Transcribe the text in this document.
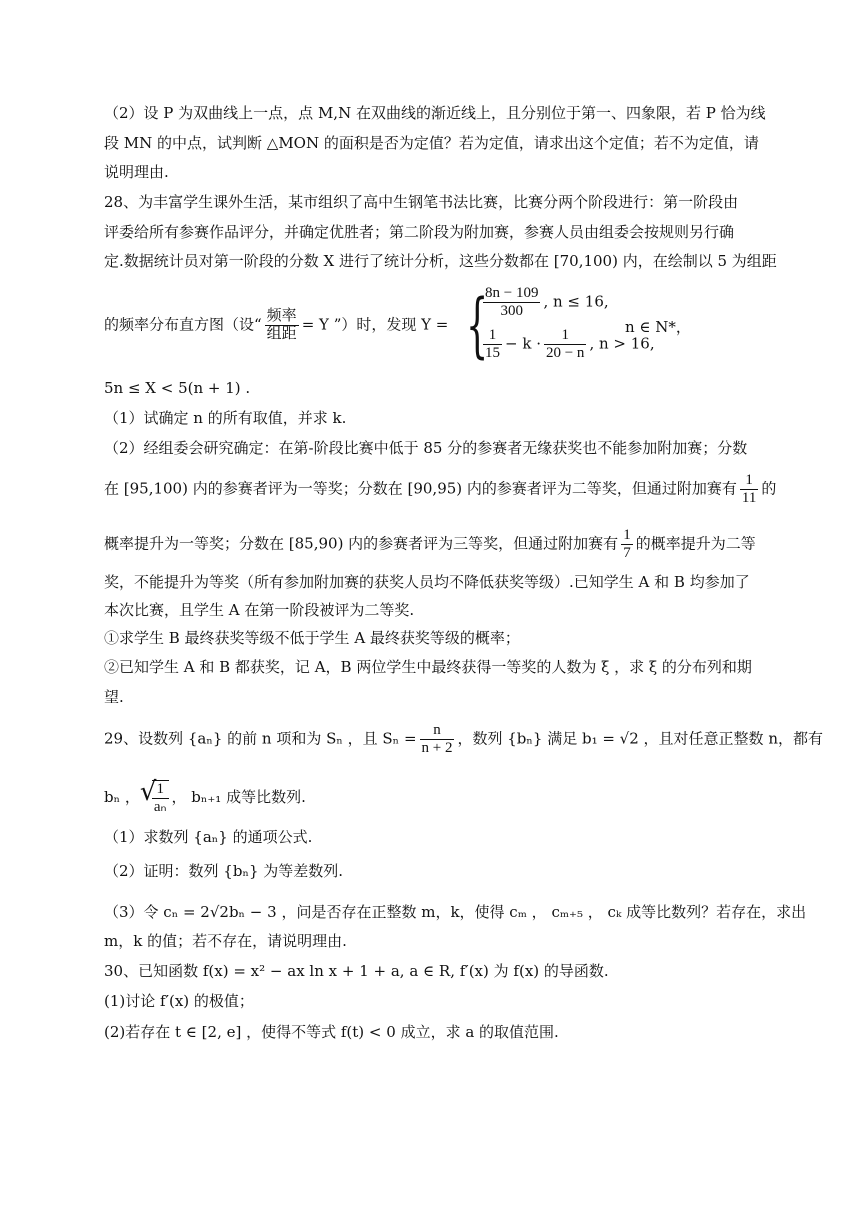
（2）设 P 为双曲线上一点，点 M,N 在双曲线的渐近线上，且分别位于第一、四象限，若 P 恰为线
段 MN 的中点，试判断 △MON 的面积是否为定值？若为定值，请求出这个定值；若不为定值，请
说明理由.
28、为丰富学生课外生活，某市组织了高中生钢笔书法比赛，比赛分两个阶段进行：第一阶段由
评委给所有参赛作品评分，并确定优胜者；第二阶段为附加赛，参赛人员由组委会按规则另行确
定.数据统计员对第一阶段的分数 X 进行了统计分析，这些分数都在 [70,100) 内，在绘制以 5 为组距
的频率分布直方图（设“ $\frac{\text{频率}}{\text{组距}} = Y$ ”）时，发现 Y = {
$\frac{8n - 109}{300}$ , n ≤ 16,
$\frac{1}{15} - k \cdot \frac{1}{20 - n}$ , n > 16,
n ∈ N*，
5n ≤ X < 5(n + 1) .
（1）试确定 n 的所有取值，并求 k.
（2）经组委会研究确定：在第-阶段比赛中低于 85 分的参赛者无缘获奖也不能参加附加赛；分数
在 [95,100) 内的参赛者评为一等奖；分数在 [90,95) 内的参赛者评为二等奖，但通过附加赛有 $\frac{1}{11}$ 的
概率提升为一等奖；分数在 [85,90) 内的参赛者评为三等奖，但通过附加赛有 $\frac{1}{7}$ 的概率提升为二等
奖，不能提升为等奖（所有参加附加赛的获奖人员均不降低获奖等级）.已知学生 A 和 B 均参加了
本次比赛，且学生 A 在第一阶段被评为二等奖.
①求学生 B 最终获奖等级不低于学生 A 最终获奖等级的概率；
②已知学生 A 和 B 都获奖，记 A，B 两位学生中最终获得一等奖的人数为 ξ ，求 ξ 的分布列和期
望.
29、设数列 {aₙ} 的前 n 项和为 Sₙ ，且 $S_n = \frac{n}{n + 2}$ ，数列 {bₙ} 满足 b₁ = √2 ，且对任意正整数 n，都有
bₙ ，
√ $\frac{1}{\text{aₙ}}$ ， bₙ₊₁ 成等比数列.
（1）求数列 {aₙ} 的通项公式.
（2）证明：数列 {bₙ} 为等差数列.
（3）令 cₙ = 2√2bₙ − 3 ，问是否存在正整数 m，k，使得 cₘ ， cₘ₊₅ ， cₖ 成等比数列？若存在，求出
m，k 的值；若不存在，请说明理由.
30、已知函数 f(x) = x² − ax ln x + 1 + a, a ∈ R, f′(x) 为 f(x) 的导函数.
(1)讨论 f′(x) 的极值；
(2)若存在 t ∈ [2, e] ，使得不等式 f(t) < 0 成立，求 a 的取值范围.
